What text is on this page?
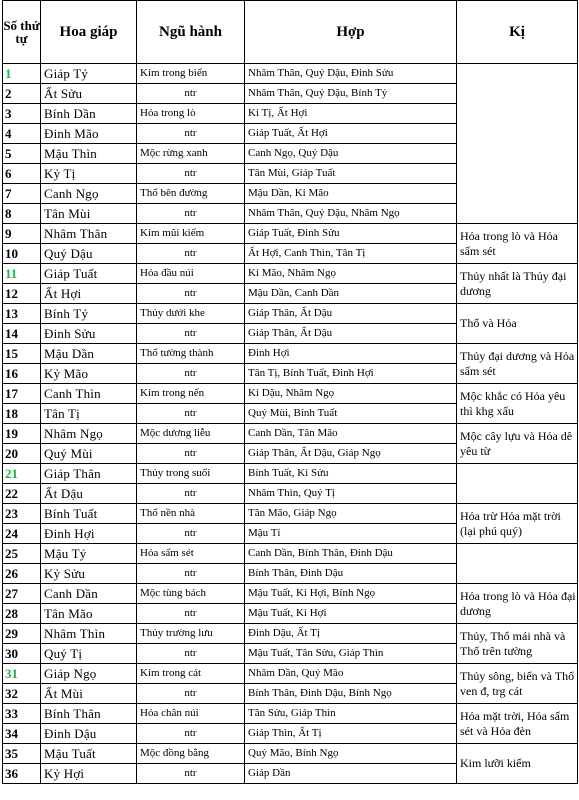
Số thứ tự	Hoa giáp	Ngũ hành	Hợp	Kị
1	Giáp Tý	Kim trong biển	Nhâm Thân, Quý Dậu, Đinh Sửu	
2	Ất Sửu	ntr	Nhâm Thân, Quý Dậu, Bính Tý	
3	Bính Dần	Hỏa trong lò	Kỉ Tị, Ất Hợi	
4	Đinh Mão	ntr	Giáp Tuất, Ất Hợi	
5	Mậu Thìn	Mộc rừng xanh	Canh Ngọ, Quý Dậu	
6	Kỷ Tị	ntr	Tân Mùi, Giáp Tuất	
7	Canh Ngọ	Thổ bên đường	Mậu Dần, Kỉ Mão	
8	Tân Mùi	ntr	Nhâm Thân, Quý Dậu, Nhâm Ngọ	
9	Nhâm Thân	Kim mũi kiếm	Giáp Tuất, Đinh Sửu	Hỏa trong lò và Hỏa sấm sét
10	Quý Dậu	ntr	Ất Hợi, Canh Thìn, Tân Tị	
11	Giáp Tuất	Hỏa đầu núi	Kỉ Mão, Nhâm Ngọ	Thủy nhất là Thủy đại dương
12	Ất Hợi	ntr	Mậu Dần, Canh Dần	
13	Bính Tý	Thủy dưới khe	Giáp Thân, Ất Dậu	Thổ và Hỏa
14	Đinh Sửu	ntr	Giáp Thân, Ất Dậu	
15	Mậu Dần	Thổ tường thành	Đinh Hợi	Thủy đại dương và Hỏa sấm sét
16	Kỷ Mão	ntr	Tân Tị, Bính Tuất, Đinh Hợi	
17	Canh Thìn	Kim trong nến	Kỉ Dậu, Nhâm Ngọ	Mộc khắc có Hỏa yêu thì khg xấu
18	Tân Tị	ntr	Quý Mùi, Bính Tuất	
19	Nhâm Ngọ	Mộc dương liễu	Canh Dần, Tân Mão	Mộc cây lựu và Hỏa dê yêu từ
20	Quý Mùi	ntr	Giáp Thân, Ất Dậu, Giáp Ngọ	
21	Giáp Thân	Thủy trong suối	Bính Tuất, Kỉ Sửu	
22	Ất Dậu	ntr	Nhâm Thìn, Quý Tị	
23	Bính Tuất	Thổ nền nhà	Tân Mão, Giáp Ngọ	Hỏa trừ Hỏa mặt trời (lại phú quý)
24	Đinh Hợi	ntr	Mậu Tí	
25	Mậu Tý	Hỏa sấm sét	Canh Dần, Bính Thân, Đinh Dậu	
26	Kỷ Sửu	ntr	Bính Thân, Đinh Dậu	
27	Canh Dần	Mộc tùng bách	Mậu Tuất, Kỉ Hợi, Bính Ngọ	Hỏa trong lò và Hỏa đại dương
28	Tân Mão	ntr	Mậu Tuất, Kỉ Hợi	
29	Nhâm Thìn	Thủy trường lưu	Đinh Dậu, Ất Tị	Thủy, Thổ mái nhà và Thổ trên tường
30	Quý Tị	ntr	Mậu Tuất, Tân Sửu, Giáp Thìn	
31	Giáp Ngọ	Kim trong cát	Nhâm Dần, Quý Mão	Thủy sông, biển và Thổ ven đ, trg cát
32	Ất Mùi	ntr	Bính Thân, Đinh Dậu, Bính Ngọ	
33	Bính Thân	Hỏa chân núi	Tân Sửu, Giáp Thìn	Hỏa mặt trời, Hỏa sấm sét và Hỏa đèn
34	Đinh Dậu	ntr	Giáp Thìn, Ất Tị	
35	Mậu Tuất	Mộc đồng bằng	Quý Mão, Bính Ngọ	Kim lưỡi kiếm
36	Kỷ Hợi	ntr	Giáp Dần	
